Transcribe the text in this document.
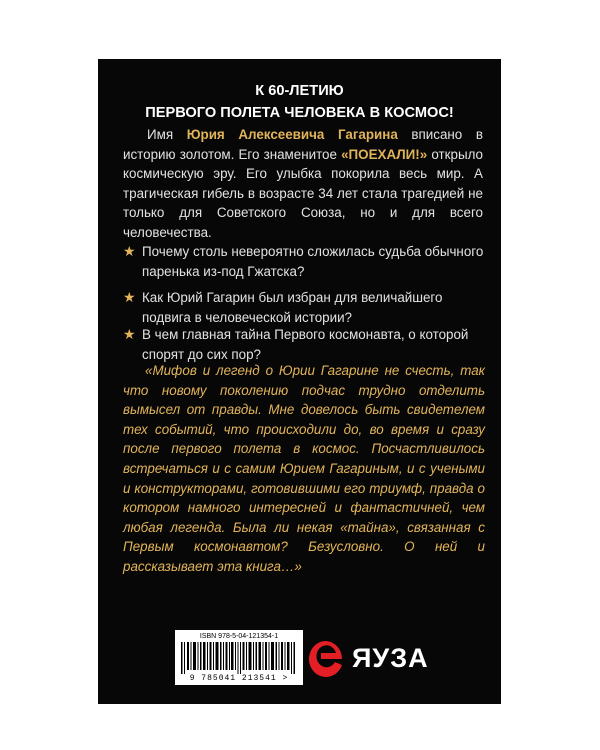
К 60-ЛЕТИЮ
ПЕРВОГО ПОЛЕТА ЧЕЛОВЕКА В КОСМОС!
Имя Юрия Алексеевича Гагарина вписано в историю золотом. Его знаменитое «ПОЕХАЛИ!» открыло космическую эру. Его улыбка покорила весь мир. А трагическая гибель в возрасте 34 лет стала трагедией не только для Советского Союза, но и для всего человечества.
★ Почему столь невероятно сложилась судьба обычного паренька из-под Гжатска?
★ Как Юрий Гагарин был избран для величайшего подвига в человеческой истории?
★ В чем главная тайна Первого космонавта, о которой спорят до сих пор?
«Мифов и легенд о Юрии Гагарине не счесть, так что новому поколению подчас трудно отделить вымысел от правды. Мне довелось быть свидетелем тех событий, что происходили до, во время и сразу после первого полета в космос. Посчастливилось встречаться и с самим Юрием Гагариным, и с учеными и конструкторами, готовившими его триумф, правда о котором намного интересней и фантастичней, чем любая легенда. Была ли некая «тайна», связанная с Первым космонавтом? Безусловно. О ней и рассказывает эта книга…»
ISBN 978-5-04-121354-1
9 785041 213541 >
ЯУЗА
